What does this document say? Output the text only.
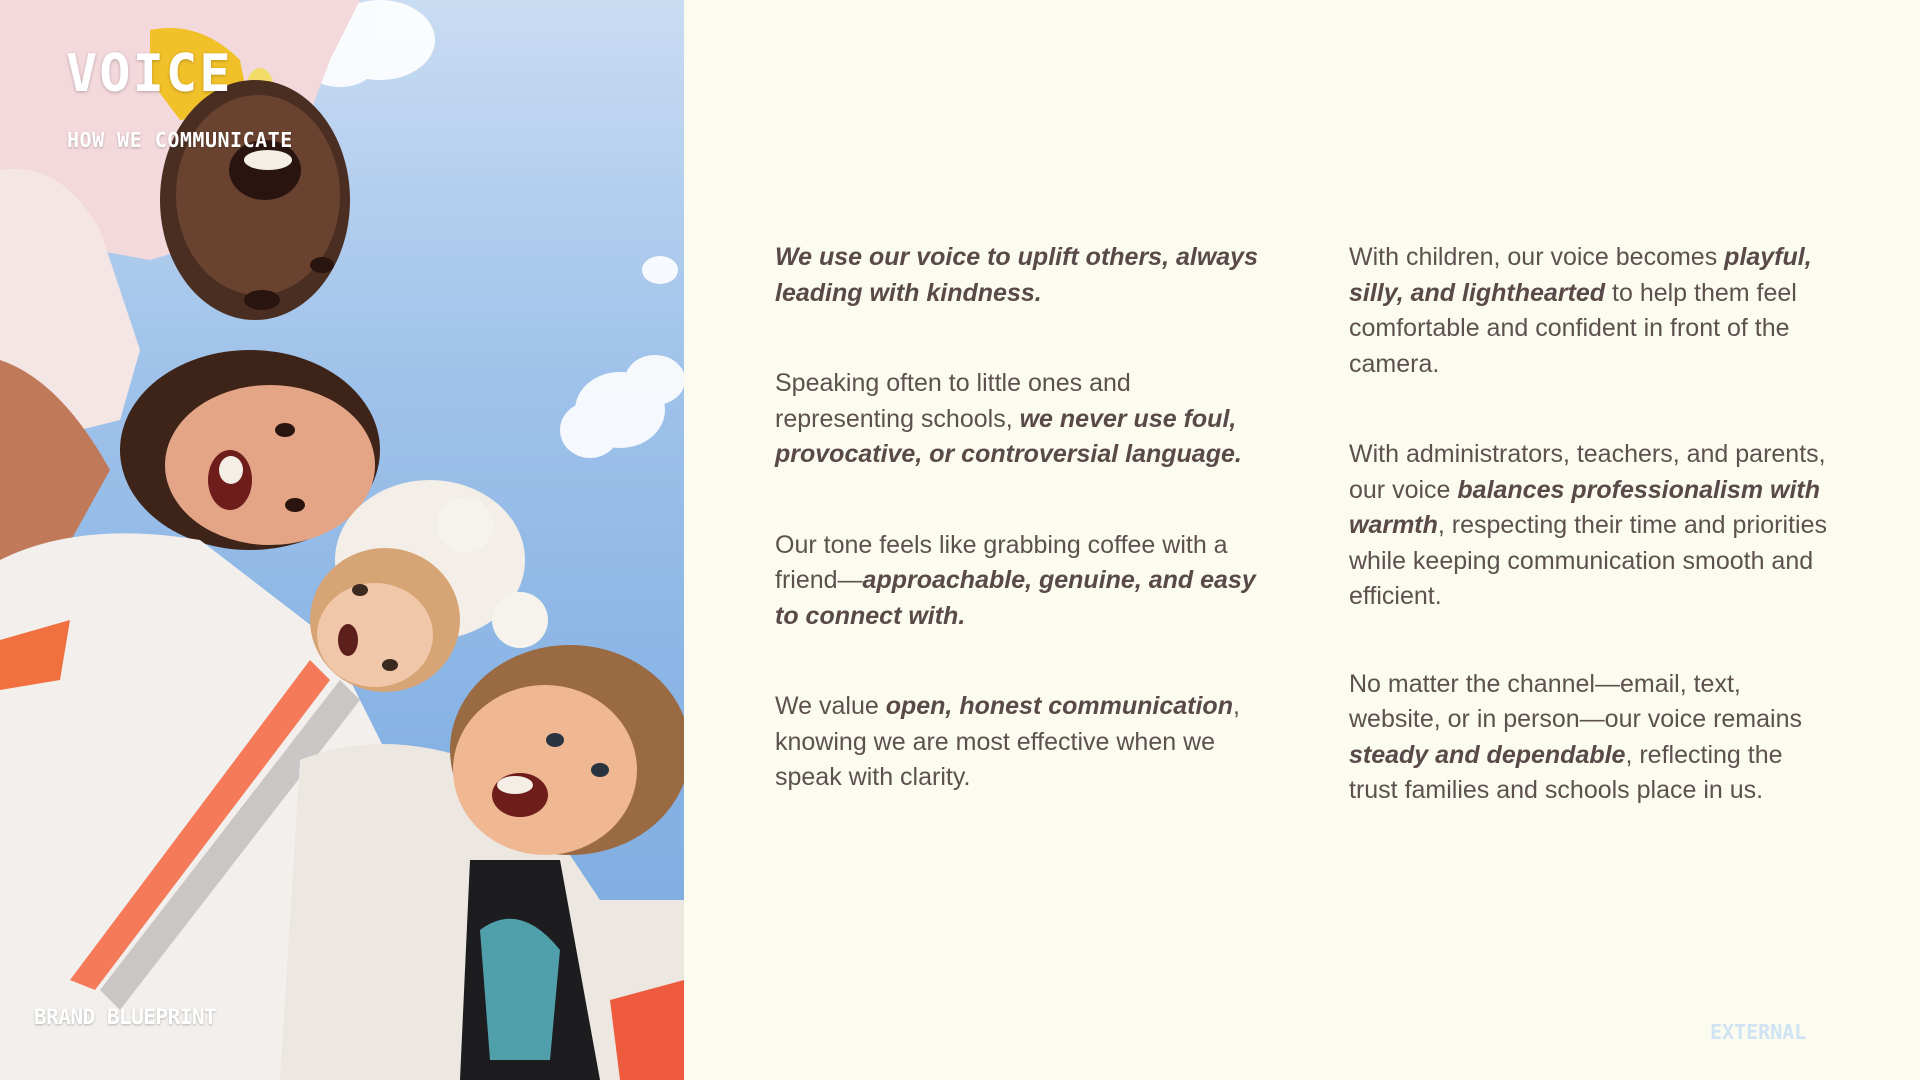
VOICE
HOW WE COMMUNICATE
BRAND BLUEPRINT

We use our voice to uplift others, always leading with kindness.

Speaking often to little ones and representing schools, we never use foul, provocative, or controversial language.

Our tone feels like grabbing coffee with a friend—approachable, genuine, and easy to connect with.

We value open, honest communication, knowing we are most effective when we speak with clarity.

With children, our voice becomes playful, silly, and lighthearted to help them feel comfortable and confident in front of the camera.

With administrators, teachers, and parents, our voice balances professionalism with warmth, respecting their time and priorities while keeping communication smooth and efficient.

No matter the channel—email, text, website, or in person—our voice remains steady and dependable, reflecting the trust families and schools place in us.

EXTERNAL
